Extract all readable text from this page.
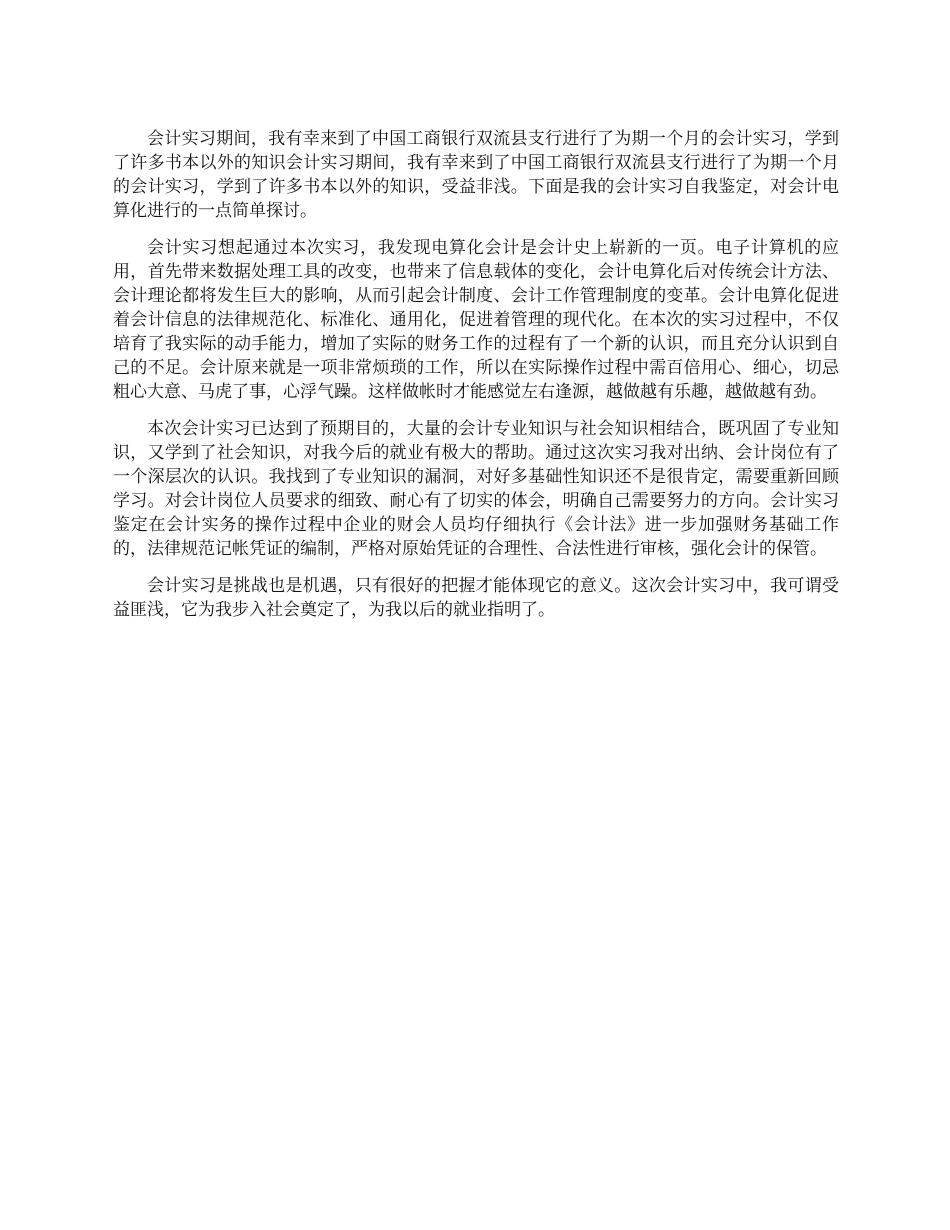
会计实习期间，我有幸来到了中国工商银行双流县支行进行了为期一个月的会计实习，学到了许多书本以外的知识会计实习期间，我有幸来到了中国工商银行双流县支行进行了为期一个月的会计实习，学到了许多书本以外的知识，受益非浅。下面是我的会计实习自我鉴定，对会计电算化进行的一点简单探讨。

会计实习想起通过本次实习，我发现电算化会计是会计史上崭新的一页。电子计算机的应用，首先带来数据处理工具的改变，也带来了信息载体的变化，会计电算化后对传统会计方法、会计理论都将发生巨大的影响，从而引起会计制度、会计工作管理制度的变革。会计电算化促进着会计信息的法律规范化、标准化、通用化，促进着管理的现代化。在本次的实习过程中，不仅培育了我实际的动手能力，增加了实际的财务工作的过程有了一个新的认识，而且充分认识到自己的不足。会计原来就是一项非常烦琐的工作，所以在实际操作过程中需百倍用心、细心，切忌粗心大意、马虎了事，心浮气躁。这样做帐时才能感觉左右逢源，越做越有乐趣，越做越有劲。

本次会计实习已达到了预期目的，大量的会计专业知识与社会知识相结合，既巩固了专业知识，又学到了社会知识，对我今后的就业有极大的帮助。通过这次实习我对出纳、会计岗位有了一个深层次的认识。我找到了专业知识的漏洞，对好多基础性知识还不是很肯定，需要重新回顾学习。对会计岗位人员要求的细致、耐心有了切实的体会，明确自己需要努力的方向。会计实习鉴定在会计实务的操作过程中企业的财会人员均仔细执行《会计法》进一步加强财务基础工作的，法律规范记帐凭证的编制，严格对原始凭证的合理性、合法性进行审核，强化会计的保管。

会计实习是挑战也是机遇，只有很好的把握才能体现它的意义。这次会计实习中，我可谓受益匪浅，它为我步入社会奠定了，为我以后的就业指明了。
